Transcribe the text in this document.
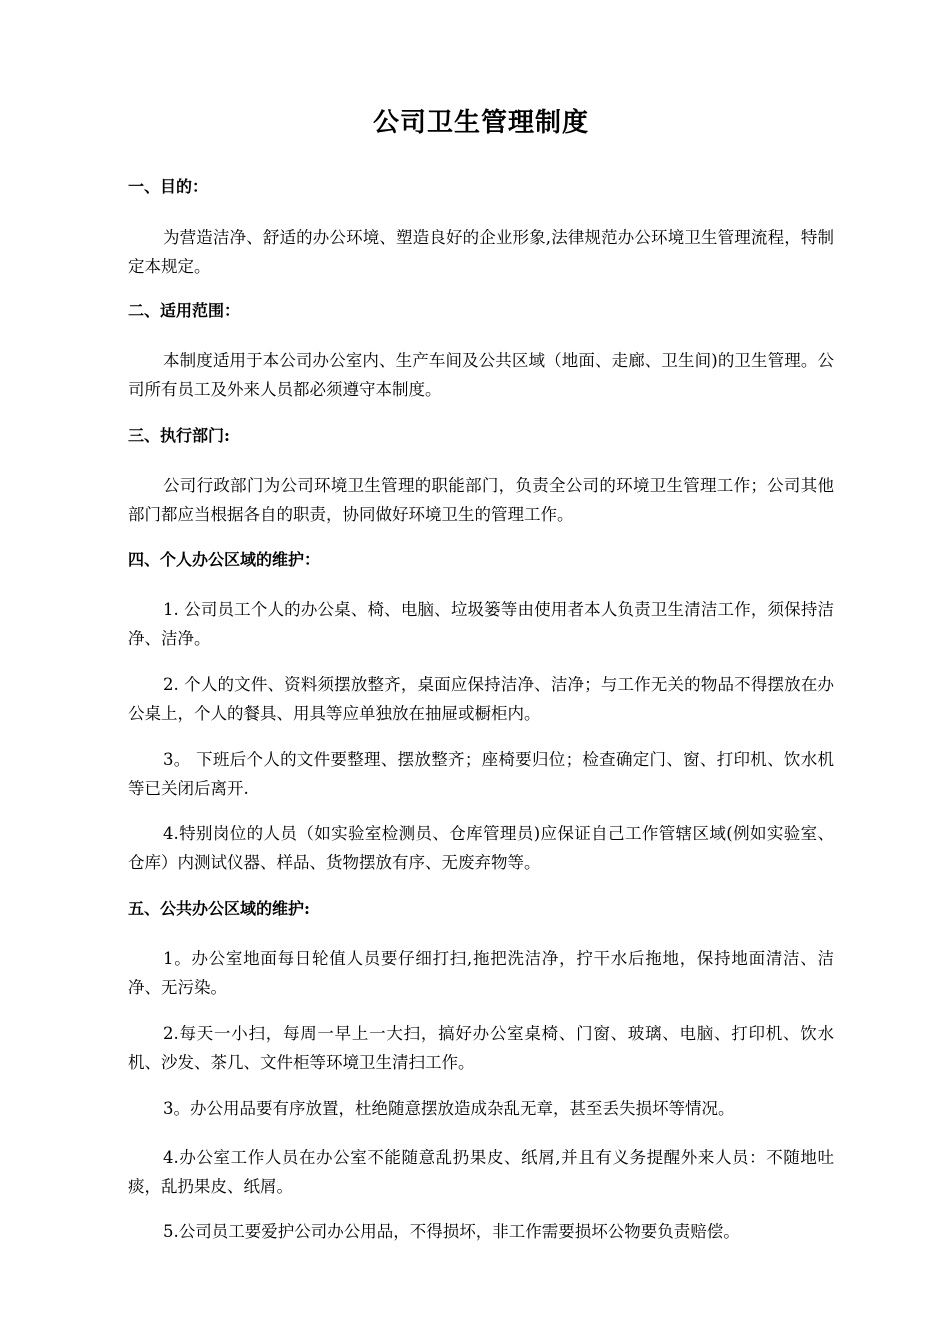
公司卫生管理制度
一、目的：

为营造洁净、舒适的办公环境、塑造良好的企业形象,法律规范办公环境卫生管理流程，特制定本规定。

二、适用范围：

本制度适用于本公司办公室内、生产车间及公共区域（地面、走廊、卫生间)的卫生管理。公司所有员工及外来人员都必须遵守本制度。

三、执行部门:

公司行政部门为公司环境卫生管理的职能部门，负责全公司的环境卫生管理工作；公司其他部门都应当根据各自的职责，协同做好环境卫生的管理工作。

四、个人办公区域的维护：

1. 公司员工个人的办公桌、椅、电脑、垃圾篓等由使用者本人负责卫生清洁工作，须保持洁净、洁净。

2. 个人的文件、资料须摆放整齐，桌面应保持洁净、洁净；与工作无关的物品不得摆放在办公桌上，个人的餐具、用具等应单独放在抽屉或橱柜内。

3。 下班后个人的文件要整理、摆放整齐；座椅要归位；检查确定门、窗、打印机、饮水机等已关闭后离开.

4.特别岗位的人员（如实验室检测员、仓库管理员)应保证自己工作管辖区域(例如实验室、仓库）内测试仪器、样品、货物摆放有序、无废弃物等。

五、公共办公区域的维护:

1。办公室地面每日轮值人员要仔细打扫,拖把洗洁净，拧干水后拖地，保持地面清洁、洁净、无污染。

2.每天一小扫，每周一早上一大扫，搞好办公室桌椅、门窗、玻璃、电脑、打印机、饮水机、沙发、茶几、文件柜等环境卫生清扫工作。

3。办公用品要有序放置，杜绝随意摆放造成杂乱无章，甚至丢失损坏等情况。

4.办公室工作人员在办公室不能随意乱扔果皮、纸屑,并且有义务提醒外来人员：不随地吐痰，乱扔果皮、纸屑。

5.公司员工要爱护公司办公用品，不得损坏，非工作需要损坏公物要负责赔偿。
